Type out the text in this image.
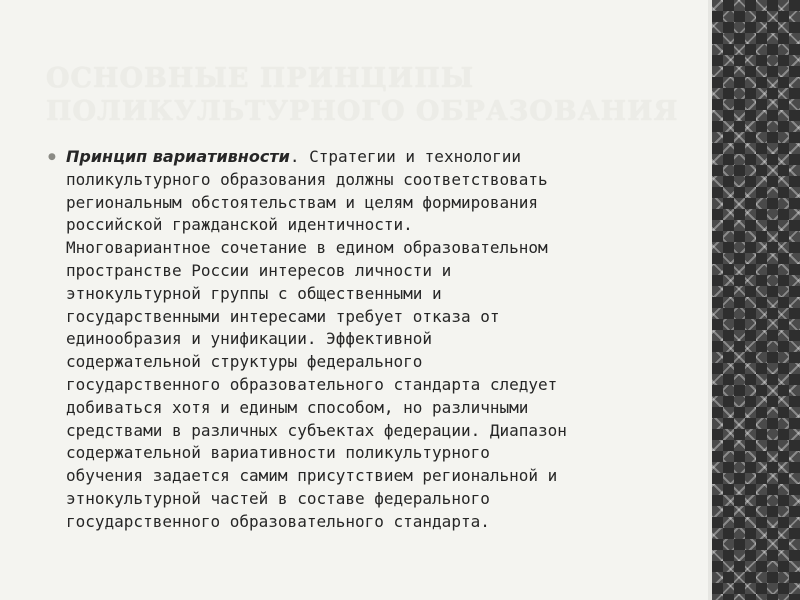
ОСНОВНЫЕ ПРИНЦИПЫ
ПОЛИКУЛЬТУРНОГО ОБРАЗОВАНИЯ
● Принцип вариативности. Стратегии и технологии
поликультурного образования должны соответствовать
региональным обстоятельствам и целям формирования
российской гражданской идентичности.
Многовариантное сочетание в едином образовательном
пространстве России интересов личности и
этнокультурной группы с общественными и
государственными интересами требует отказа от
единообразия и унификации. Эффективной
содержательной структуры федерального
государственного образовательного стандарта следует
добиваться хотя и единым способом, но различными
средствами в различных субъектах федерации. Диапазон
содержательной вариативности поликультурного
обучения задается самим присутствием региональной и
этнокультурной частей в составе федерального
государственного образовательного стандарта.
